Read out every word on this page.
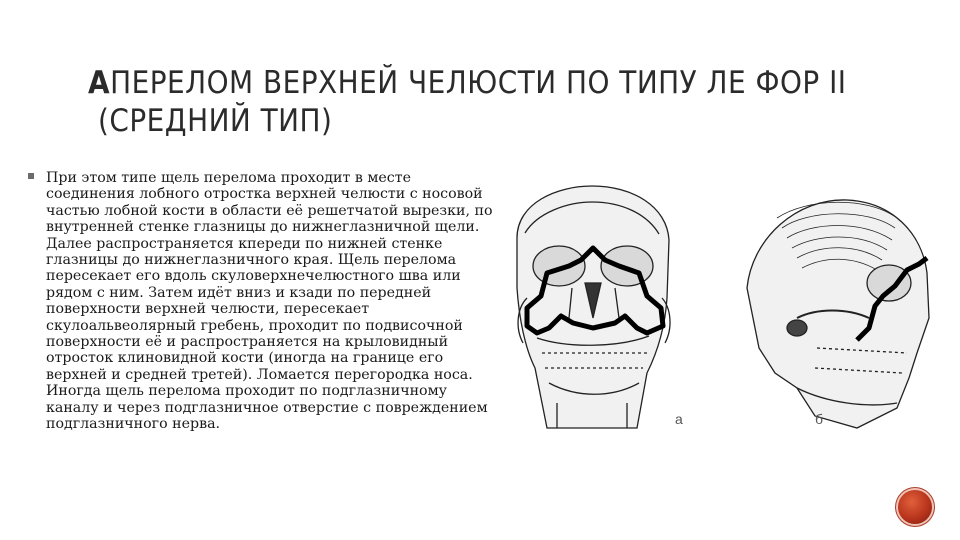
AПЕРЕЛОМ ВЕРХНЕЙ ЧЕЛЮСТИ ПО ТИПУ ЛЕ ФОР II
(СРЕДНИЙ ТИП)

При этом типе щель перелома проходит в месте соединения лобного отростка верхней челюсти с носовой частью лобной кости в области её решетчатой вырезки, по внутренней стенке глазницы до нижнеглазничной щели. Далее распространяется кпереди по нижней стенке глазницы до нижнеглазничного края. Щель перелома пересекает его вдоль скуловерхнечелюстного шва или рядом с ним. Затем идёт вниз и кзади по передней поверхности верхней челюсти, пересекает скулоальвеолярный гребень, проходит по подвисочной поверхности её и распространяется на крыловидный отросток клиновидной кости (иногда на границе его верхней и средней третей). Ломается перегородка носа. Иногда щель перелома проходит по подглазничному каналу и через подглазничное отверстие с повреждением подглазничного нерва.	а	б
